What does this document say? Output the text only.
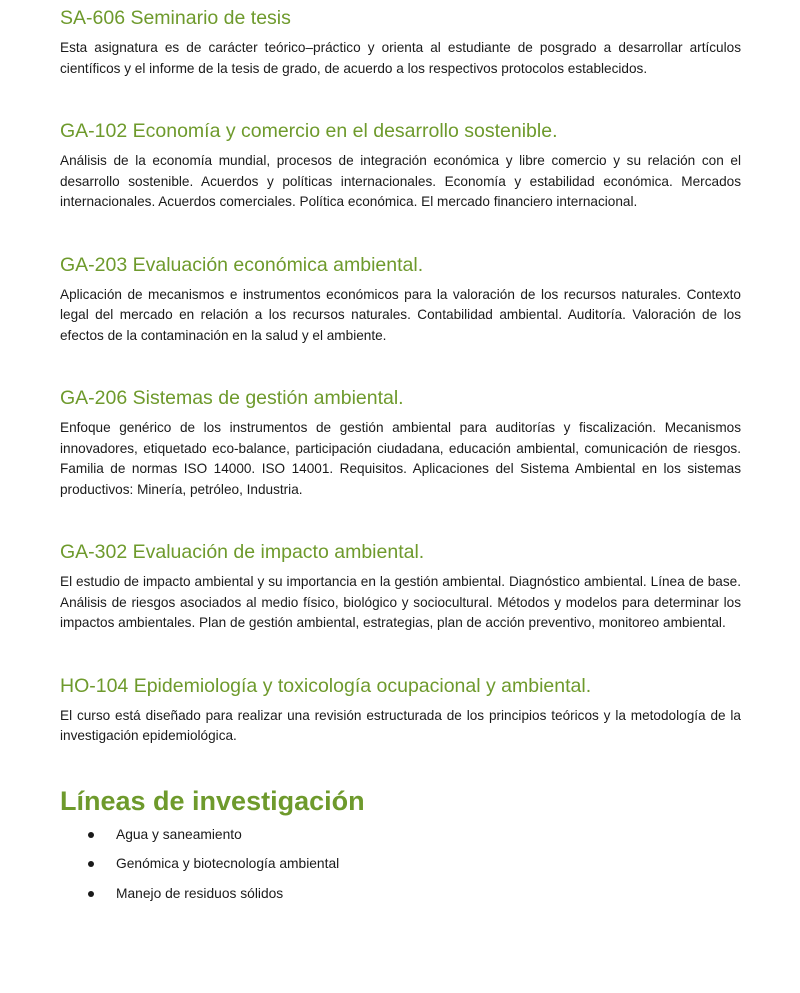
SA-606 Seminario de tesis

Esta asignatura es de carácter teórico–práctico y orienta al estudiante de posgrado a desarrollar artículos científicos y el informe de la tesis de grado, de acuerdo a los respectivos protocolos establecidos.

GA-102 Economía y comercio en el desarrollo sostenible.

Análisis de la economía mundial, procesos de integración económica y libre comercio y su relación con el desarrollo sostenible. Acuerdos y políticas internacionales. Economía y estabilidad económica. Mercados internacionales. Acuerdos comerciales. Política económica. El mercado financiero internacional.

GA-203 Evaluación económica ambiental.

Aplicación de mecanismos e instrumentos económicos para la valoración de los recursos naturales. Contexto legal del mercado en relación a los recursos naturales. Contabilidad ambiental. Auditoría. Valoración de los efectos de la contaminación en la salud y el ambiente.

GA-206 Sistemas de gestión ambiental.

Enfoque genérico de los instrumentos de gestión ambiental para auditorías y fiscalización. Mecanismos innovadores, etiquetado eco-balance, participación ciudadana, educación ambiental, comunicación de riesgos. Familia de normas ISO 14000. ISO 14001. Requisitos. Aplicaciones del Sistema Ambiental en los sistemas productivos: Minería, petróleo, Industria.

GA-302 Evaluación de impacto ambiental.

El estudio de impacto ambiental y su importancia en la gestión ambiental. Diagnóstico ambiental. Línea de base. Análisis de riesgos asociados al medio físico, biológico y sociocultural. Métodos y modelos para determinar los impactos ambientales. Plan de gestión ambiental, estrategias, plan de acción preventivo, monitoreo ambiental.

HO-104 Epidemiología y toxicología ocupacional y ambiental.

El curso está diseñado para realizar una revisión estructurada de los principios teóricos y la metodología de la investigación epidemiológica.

Líneas de investigación
Agua y saneamiento
Genómica y biotecnología ambiental
Manejo de residuos sólidos
